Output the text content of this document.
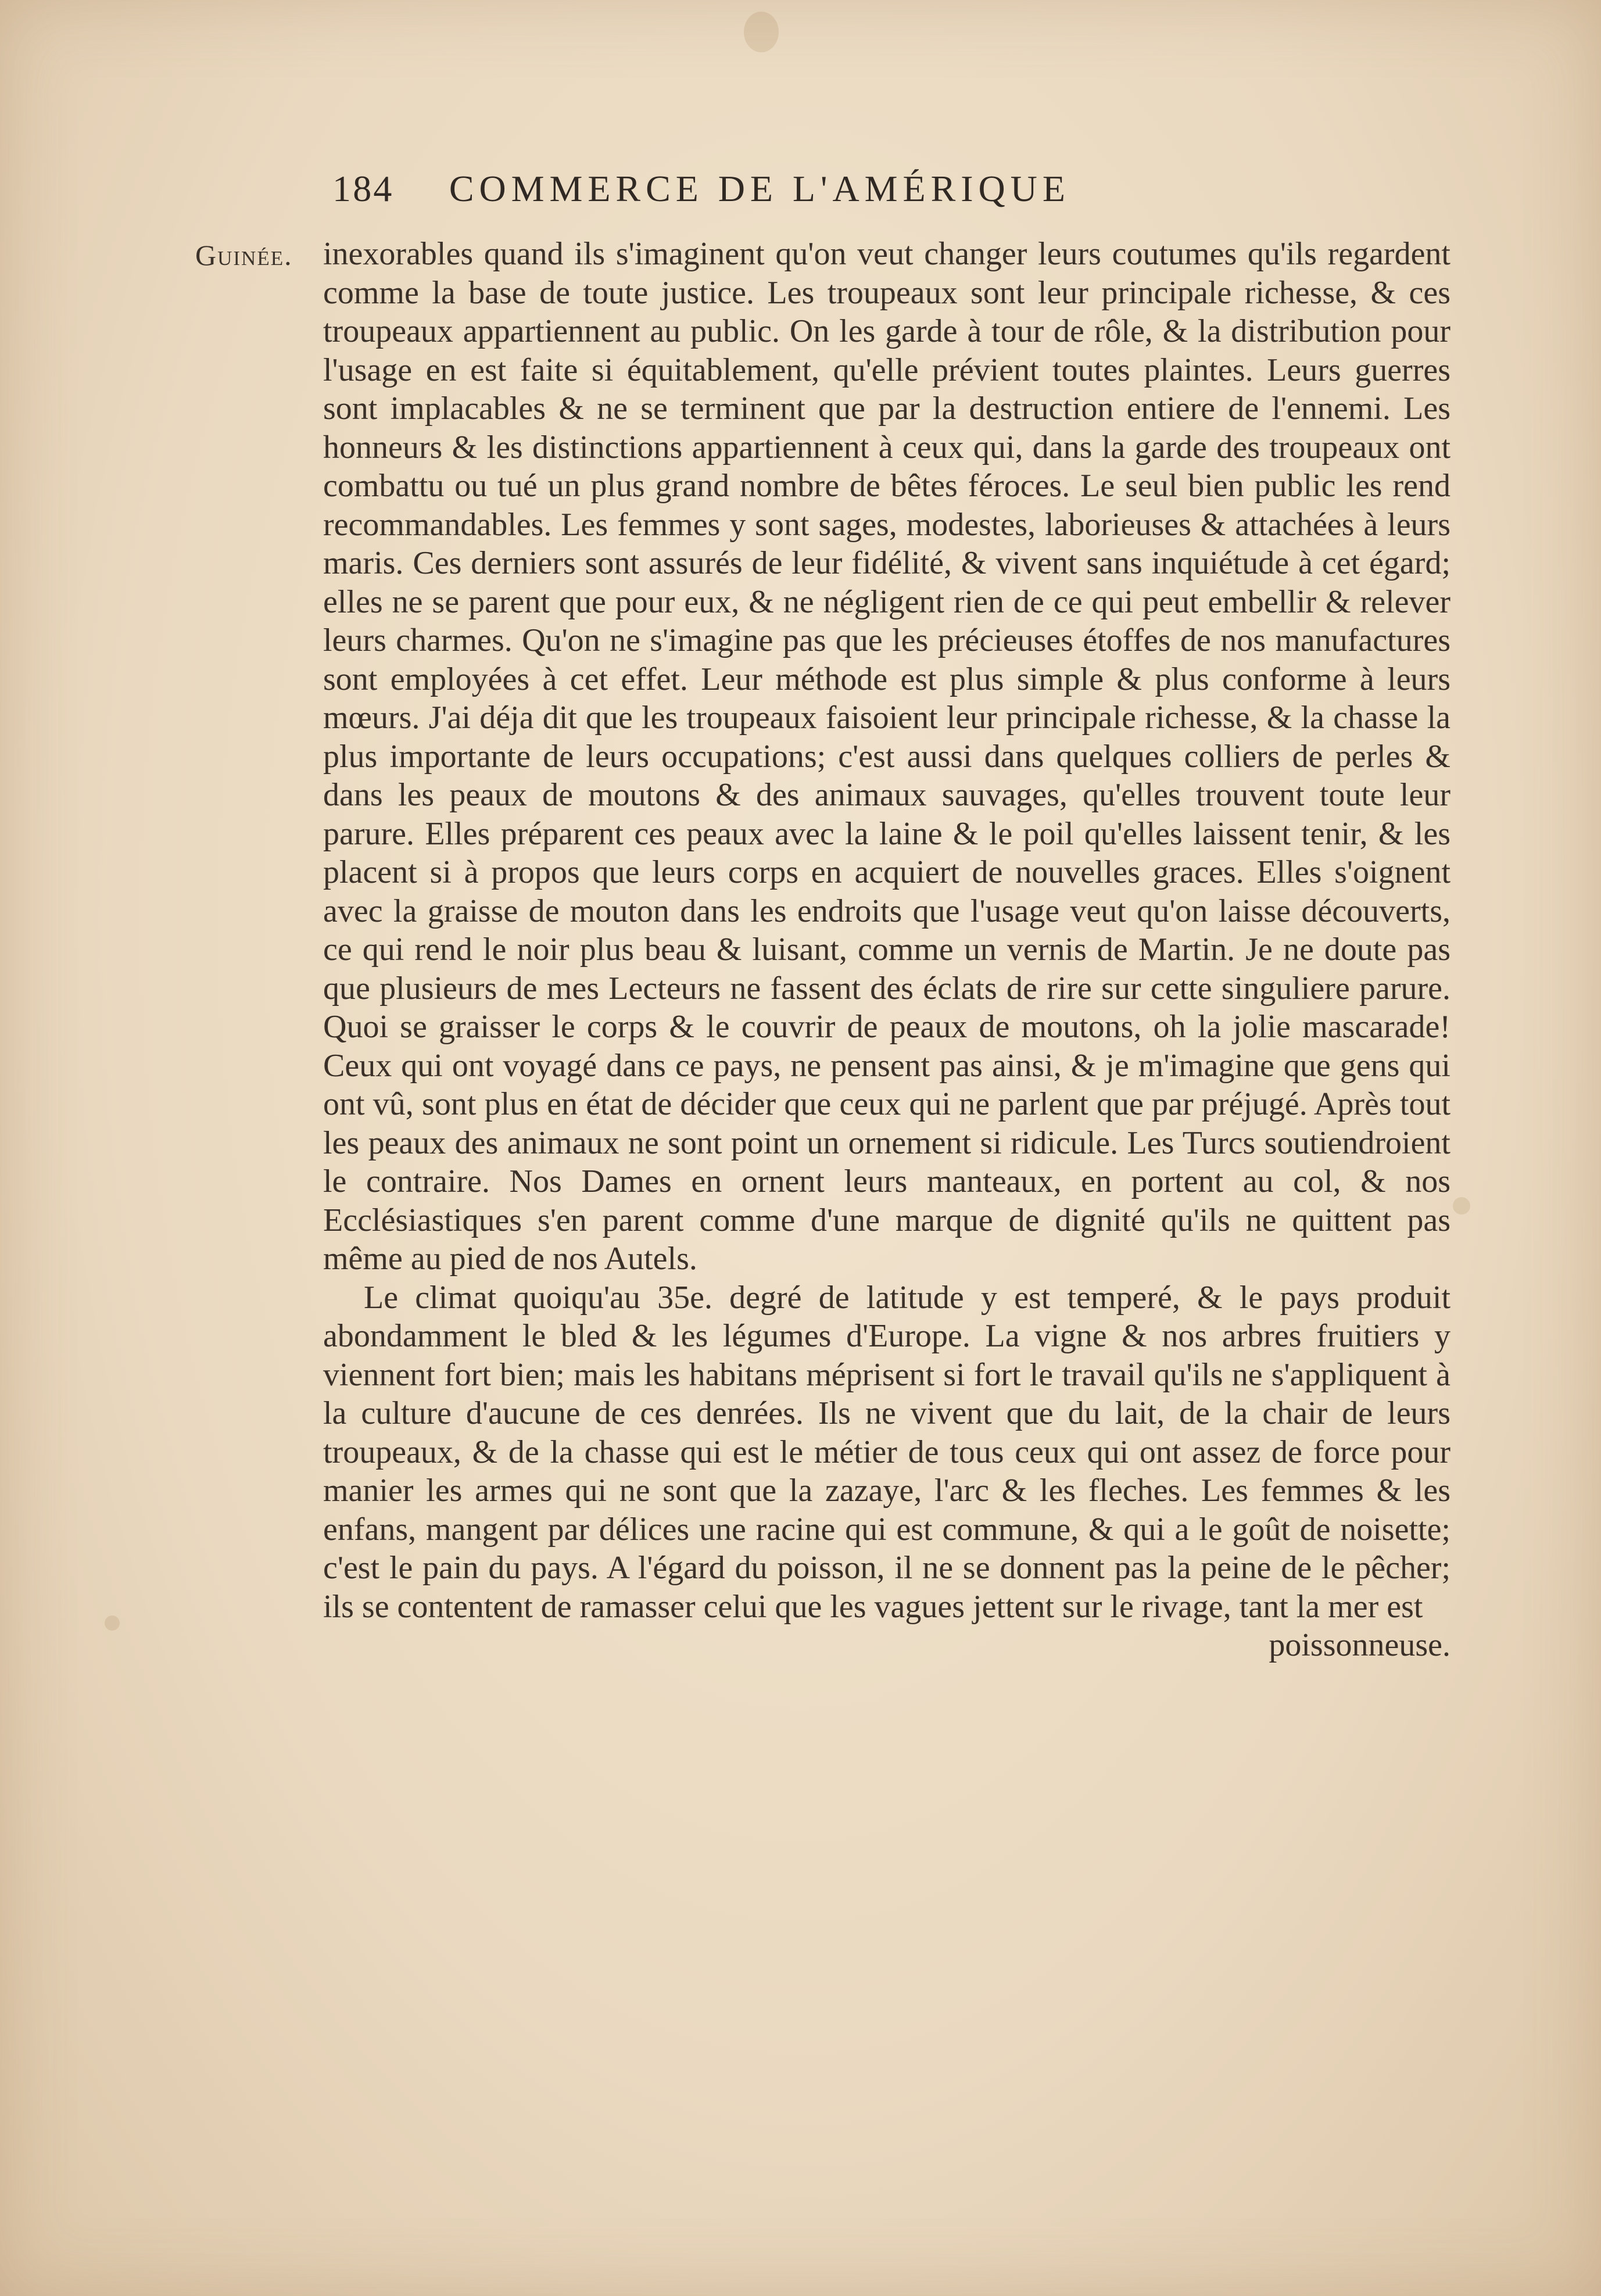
184 COMMERCE DE L'AMÉRIQUE
Guinée. inexorables quand ils s'imaginent qu'on veut changer leurs coutumes qu'ils regardent comme la base de toute justice. Les troupeaux sont leur principale richesse, & ces troupeaux appartiennent au public. On les garde à tour de rôle, & la distribution pour l'usage en est faite si équitablement, qu'elle prévient toutes plaintes. Leurs guerres sont implacables & ne se terminent que par la destruction entiere de l'ennemi. Les honneurs & les distinctions appartiennent à ceux qui, dans la garde des troupeaux ont combattu ou tué un plus grand nombre de bêtes féroces. Le seul bien public les rend recommandables. Les femmes y sont sages, modestes, laborieuses & attachées à leurs maris. Ces derniers sont assurés de leur fidélité, & vivent sans inquiétude à cet égard; elles ne se parent que pour eux, & ne négligent rien de ce qui peut embellir & relever leurs charmes. Qu'on ne s'imagine pas que les précieuses étoffes de nos manufactures sont employées à cet effet. Leur méthode est plus simple & plus conforme à leurs mœurs. J'ai déja dit que les troupeaux faisoient leur principale richesse, & la chasse la plus importante de leurs occupations; c'est aussi dans quelques colliers de perles & dans les peaux de moutons & des animaux sauvages, qu'elles trouvent toute leur parure. Elles préparent ces peaux avec la laine & le poil qu'elles laissent tenir, & les placent si à propos que leurs corps en acquiert de nouvelles graces. Elles s'oignent avec la graisse de mouton dans les endroits que l'usage veut qu'on laisse découverts, ce qui rend le noir plus beau & luisant, comme un vernis de Martin. Je ne doute pas que plusieurs de mes Lecteurs ne fassent des éclats de rire sur cette singuliere parure. Quoi se graisser le corps & le couvrir de peaux de moutons, oh la jolie mascarade! Ceux qui ont voyagé dans ce pays, ne pensent pas ainsi, & je m'imagine que gens qui ont vû, sont plus en état de décider que ceux qui ne parlent que par préjugé. Après tout les peaux des animaux ne sont point un ornement si ridicule. Les Turcs soutiendroient le contraire. Nos Dames en ornent leurs manteaux, en portent au col, & nos Ecclésiastiques s'en parent comme d'une marque de dignité qu'ils ne quittent pas même au pied de nos Autels.

Le climat quoiqu'au 35e. degré de latitude y est temperé, & le pays produit abondamment le bled & les légumes d'Europe. La vigne & nos arbres fruitiers y viennent fort bien; mais les habitans méprisent si fort le travail qu'ils ne s'appliquent à la culture d'aucune de ces denrées. Ils ne vivent que du lait, de la chair de leurs troupeaux, & de la chasse qui est le métier de tous ceux qui ont assez de force pour manier les armes qui ne sont que la zazaye, l'arc & les fleches. Les femmes & les enfans, mangent par délices une racine qui est commune, & qui a le goût de noisette; c'est le pain du pays. A l'égard du poisson, il ne se donnent pas la peine de le pêcher; ils se contentent de ramasser celui que les vagues jettent sur le rivage, tant la mer est

poissonneuse.
